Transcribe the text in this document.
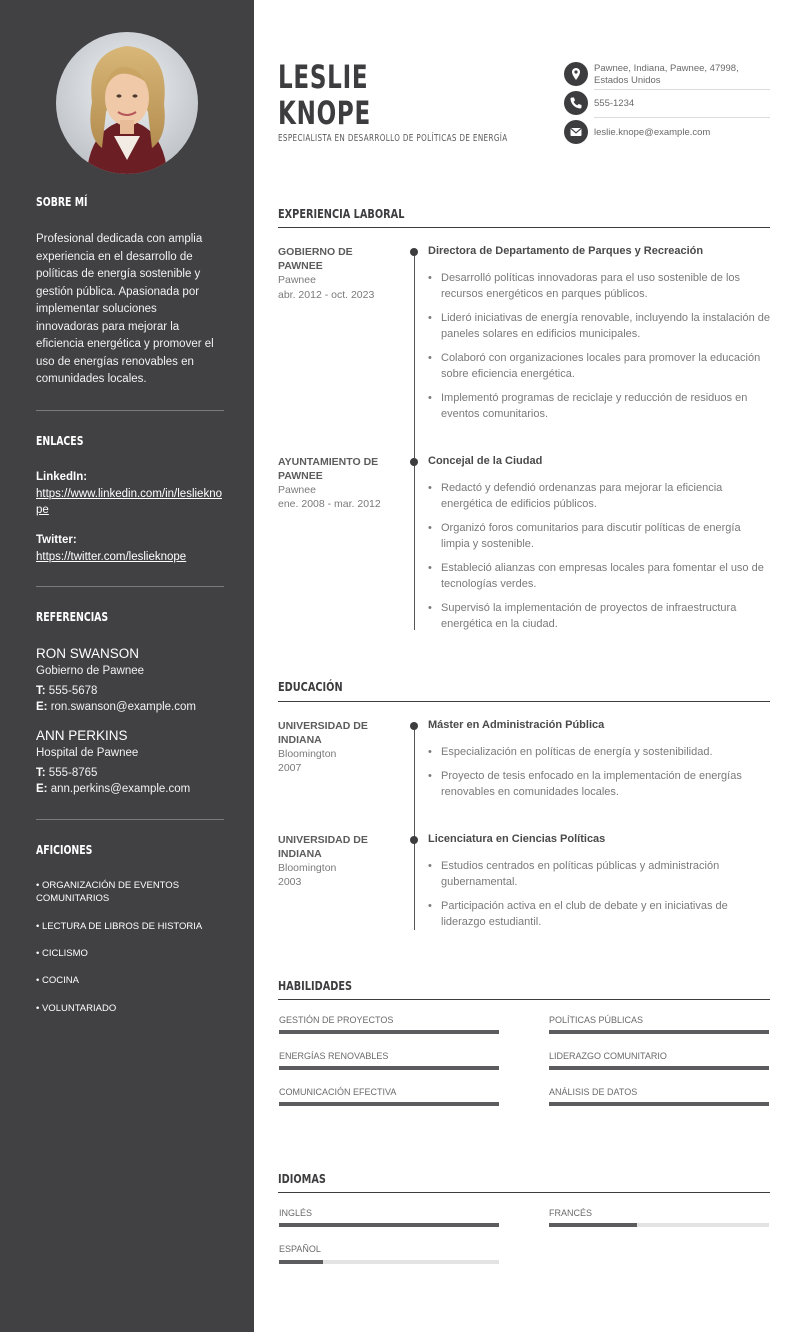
SOBRE MÍ
Profesional dedicada con amplia experiencia en el desarrollo de políticas de energía sostenible y gestión pública. Apasionada por implementar soluciones innovadoras para mejorar la eficiencia energética y promover el uso de energías renovables en comunidades locales.
ENLACES
LinkedIn:
https://www.linkedin.com/in/leslieknope
Twitter:
https://twitter.com/leslieknope
REFERENCIAS
RON SWANSON
Gobierno de Pawnee
T: 555-5678
E: ron.swanson@example.com
ANN PERKINS
Hospital de Pawnee
T: 555-8765
E: ann.perkins@example.com
AFICIONES
• ORGANIZACIÓN DE EVENTOS COMUNITARIOS
• LECTURA DE LIBROS DE HISTORIA
• CICLISMO
• COCINA
• VOLUNTARIADO
LESLIE
KNOPE
ESPECIALISTA EN DESARROLLO DE POLÍTICAS DE ENERGÍA
Pawnee, Indiana, Pawnee, 47998, Estados Unidos
555-1234
leslie.knope@example.com
EXPERIENCIA LABORAL
GOBIERNO DE PAWNEE
Pawnee
abr. 2012 - oct. 2023
Directora de Departamento de Parques y Recreación
• Desarrolló políticas innovadoras para el uso sostenible de los recursos energéticos en parques públicos.
• Lideró iniciativas de energía renovable, incluyendo la instalación de paneles solares en edificios municipales.
• Colaboró con organizaciones locales para promover la educación sobre eficiencia energética.
• Implementó programas de reciclaje y reducción de residuos en eventos comunitarios.
AYUNTAMIENTO DE PAWNEE
Pawnee
ene. 2008 - mar. 2012
Concejal de la Ciudad
• Redactó y defendió ordenanzas para mejorar la eficiencia energética de edificios públicos.
• Organizó foros comunitarios para discutir políticas de energía limpia y sostenible.
• Estableció alianzas con empresas locales para fomentar el uso de tecnologías verdes.
• Supervisó la implementación de proyectos de infraestructura energética en la ciudad.
EDUCACIÓN
UNIVERSIDAD DE INDIANA
Bloomington
2007
Máster en Administración Pública
• Especialización en políticas de energía y sostenibilidad.
• Proyecto de tesis enfocado en la implementación de energías renovables en comunidades locales.
UNIVERSIDAD DE INDIANA
Bloomington
2003
Licenciatura en Ciencias Políticas
• Estudios centrados en políticas públicas y administración gubernamental.
• Participación activa en el club de debate y en iniciativas de liderazgo estudiantil.
HABILIDADES
GESTIÓN DE PROYECTOS	POLÍTICAS PÚBLICAS
ENERGÍAS RENOVABLES	LIDERAZGO COMUNITARIO
COMUNICACIÓN EFECTIVA	ANÁLISIS DE DATOS
IDIOMAS
INGLÉS	FRANCÉS
ESPAÑOL
